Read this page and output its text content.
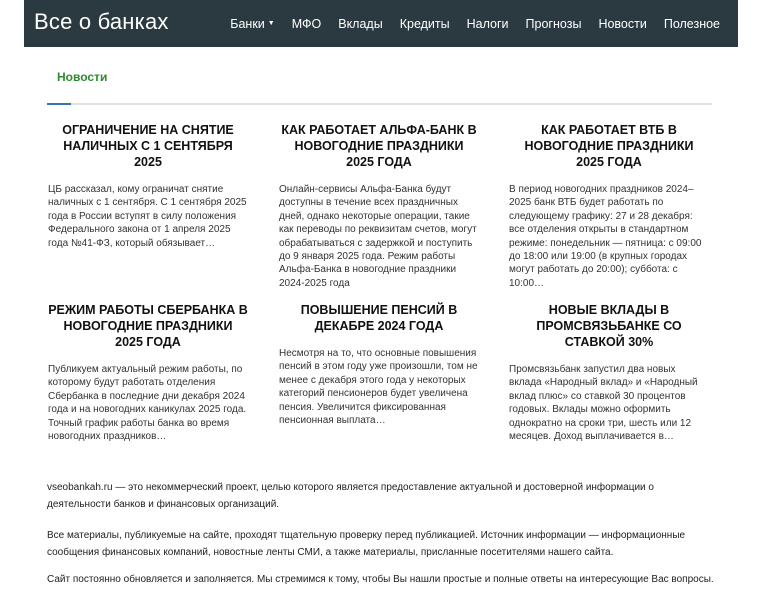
Все о банках	Банки ▼ МФО Вклады Кредиты Налоги Прогнозы Новости Полезное
Новости
ОГРАНИЧЕНИЕ НА СНЯТИЕ НАЛИЧНЫХ С 1 СЕНТЯБРЯ 2025
ЦБ рассказал, кому ограничат снятие наличных с 1 сентября. С 1 сентября 2025 года в России вступят в силу положения Федерального закона от 1 апреля 2025 года №41-ФЗ, который обязывает…
КАК РАБОТАЕТ АЛЬФА-БАНК В НОВОГОДНИЕ ПРАЗДНИКИ 2025 ГОДА
Онлайн-сервисы Альфа-Банка будут доступны в течение всех праздничных дней, однако некоторые операции, такие как переводы по реквизитам счетов, могут обрабатываться с задержкой и поступить до 9 января 2025 года. Режим работы Альфа-Банка в новогодние праздники 2024-2025 года
КАК РАБОТАЕТ ВТБ В НОВОГОДНИЕ ПРАЗДНИКИ 2025 ГОДА
В период новогодних праздников 2024–2025 банк ВТБ будет работать по следующему графику: 27 и 28 декабря: все отделения открыты в стандартном режиме: понедельник — пятница: с 09:00 до 18:00 или 19:00 (в крупных городах могут работать до 20:00); суббота: с 10:00…
РЕЖИМ РАБОТЫ СБЕРБАНКА В НОВОГОДНИЕ ПРАЗДНИКИ 2025 ГОДА
Публикуем актуальный режим работы, по которому будут работать отделения Сбербанка в последние дни декабря 2024 года и на новогодних каникулах 2025 года. Точный график работы банка во время новогодних праздников…
ПОВЫШЕНИЕ ПЕНСИЙ В ДЕКАБРЕ 2024 ГОДА
Несмотря на то, что основные повышения пенсий в этом году уже произошли, том не менее с декабря этого года у некоторых категорий пенсионеров будет увеличена пенсия. Увеличится фиксированная пенсионная выплата…
НОВЫЕ ВКЛАДЫ В ПРОМСВЯЗЬБАНКЕ СО СТАВКОЙ 30%
Промсвязьбанк запустил два новых вклада «Народный вклад» и «Народный вклад плюс» со ставкой 30 процентов годовых. Вклады можно оформить однократно на сроки три, шесть или 12 месяцев. Доход выплачивается в…
vseobankah.ru — это некоммерческий проект, целью которого является предоставление актуальной и достоверной информации о деятельности банков и финансовых организаций.
Все материалы, публикуемые на сайте, проходят тщательную проверку перед публикацией. Источник информации — информационные сообщения финансовых компаний, новостные ленты СМИ, а также материалы, присланные посетителями нашего сайта.
Сайт постоянно обновляется и заполняется. Мы стремимся к тому, чтобы Вы нашли простые и полные ответы на интересующие Вас вопросы.
